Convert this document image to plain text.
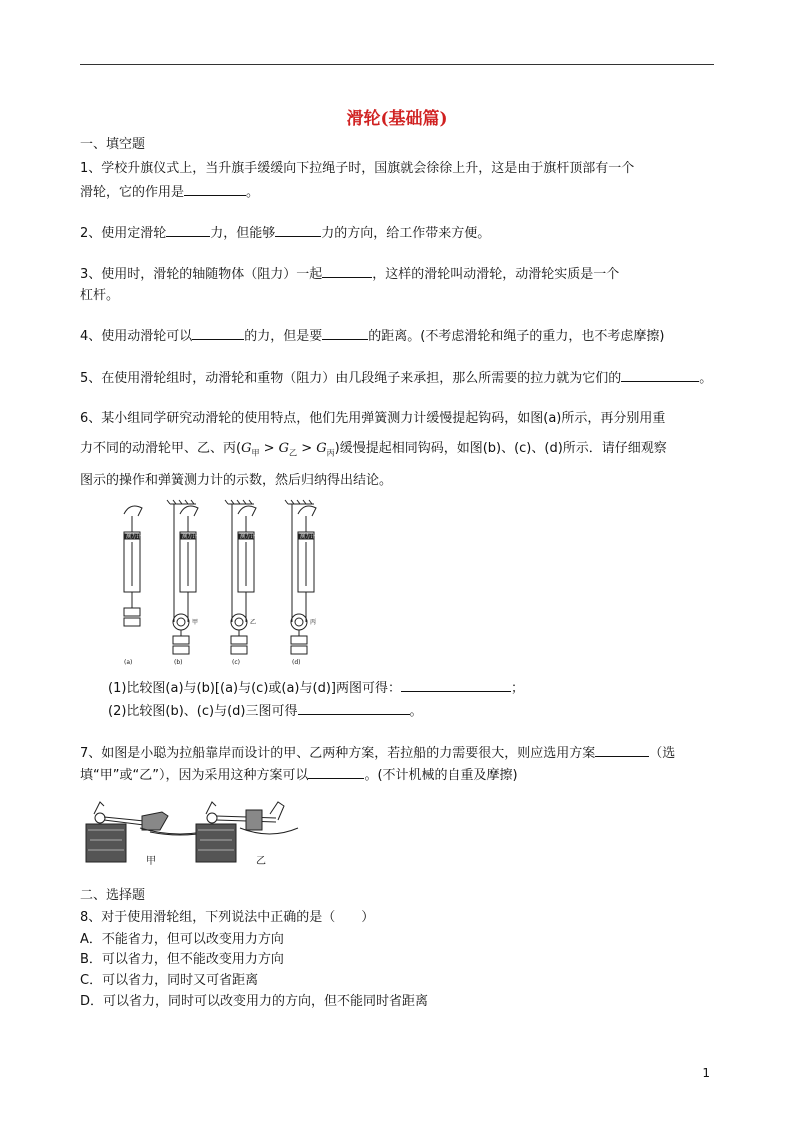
滑轮(基础篇)
一、填空题
1、学校升旗仪式上，当升旗手缓缓向下拉绳子时，国旗就会徐徐上升，这是由于旗杆顶部有一个
滑轮，它的作用是	。
2、使用定滑轮	力，但能够	力的方向，给工作带来方便。
3、使用时，滑轮的轴随物体（阻力）一起	，这样的滑轮叫动滑轮，动滑轮实质是一个
杠杆。
4、使用动滑轮可以	的力，但是要	的距离。(不考虑滑轮和绳子的重力，也不考虑摩擦)
5、在使用滑轮组时，动滑轮和重物（阻力）由几段绳子来承担，那么所需要的拉力就为它们的	。
6、某小组同学研究动滑轮的使用特点，他们先用弹簧测力计缓慢提起钩码，如图(a)所示，再分别用重
力不同的动滑轮甲、乙、丙$(G_甲 > G_乙 > G_丙)$缓慢提起相同钩码，如图(b)、(c)、(d)所示．请仔细观察
图示的操作和弹簧测力计的示数，然后归纳得出结论。
测力计	测力计	测力计	测力计
甲	乙	丙
(a)	(b)	(c)	(d)
(1)比较图(a)与(b)[(a)与(c)或(a)与(d)]两图可得：	；
(2)比较图(b)、(c)与(d)三图可得	。
7、如图是小聪为拉船靠岸而设计的甲、乙两种方案，若拉船的力需要很大，则应选用方案	（选
填“甲”或“乙”），因为采用这种方案可以	。(不计机械的自重及摩擦)
甲	乙
二、选择题
8、对于使用滑轮组，下列说法中正确的是（　　）
A．不能省力，但可以改变用力方向
B．可以省力，但不能改变用力方向
C．可以省力，同时又可省距离
D．可以省力，同时可以改变用力的方向，但不能同时省距离
1
